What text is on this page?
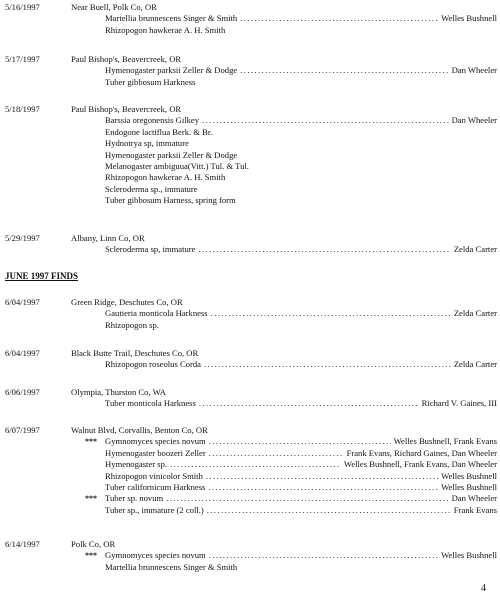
5/16/1997	Near Buell, Polk Co, OR
Martellia brunnescens Singer & Smith .....	Welles Bushnell
Rhizopogon hawkerae A. H. Smith
5/17/1997	Paul Bishop's, Beavercreek, OR
Hymenogaster parksii Zeller & Dodge .....	Dan Wheeler
Tuber gibbosum Harkness
5/18/1997	Paul Bishop's, Beavercreek, OR
Barssia oregonensis Gilkey .....	Dan Wheeler
Endogone lactiflua Berk. & Br.
Hydnotrya sp, immature
Hymenogaster parksii Zeller & Dodge
Melanogaster ambiguua(Vitt.) Tul. & Tul.
Rhizopogon hawkerae A. H. Smith
Scleroderma sp., immature
Tuber gibbosum Harness, spring form
5/29/1997	Albany, Linn Co, OR
Scleroderma sp, immature .....	Zelda Carter
JUNE 1997 FINDS
6/04/1997	Green Ridge, Deschutes Co, OR
Gautieria monticola Harkness .....	Zelda Carter
Rhizopogon sp.
6/04/1997	Black Butte Trail, Deschutes Co, OR
Rhizopogon roseolus Corda .....	Zelda Carter
6/06/1997	Olympia, Thurston Co, WA
Tuber monticola Harkness .....	Richard V. Gaines, III
6/07/1997	Walnut Blvd, Corvallis, Benton Co, OR
*** Gymnomyces species novum .....	Welles Bushnell, Frank Evans
Hymenogaster boozeri Zeller .....	Frank Evans, Richard Gaines, Dan Wheeler
Hymenogaster sp. .....	Welles Bushnell, Frank Evans, Dan Wheeler
Rhizopogon vinicolor Smith .....	Welles Bushnell
Tuber californicum Harkness .....	Welles Bushnell
*** Tuber sp. novum .....	Dan Wheeler
Tuber sp., immature (2 coll.) .....	Frank Evans
6/14/1997	Polk Co, OR
*** Gymnomyces species novum .....	Welles Bushnell
Martellia brunnescens Singer & Smith
4
